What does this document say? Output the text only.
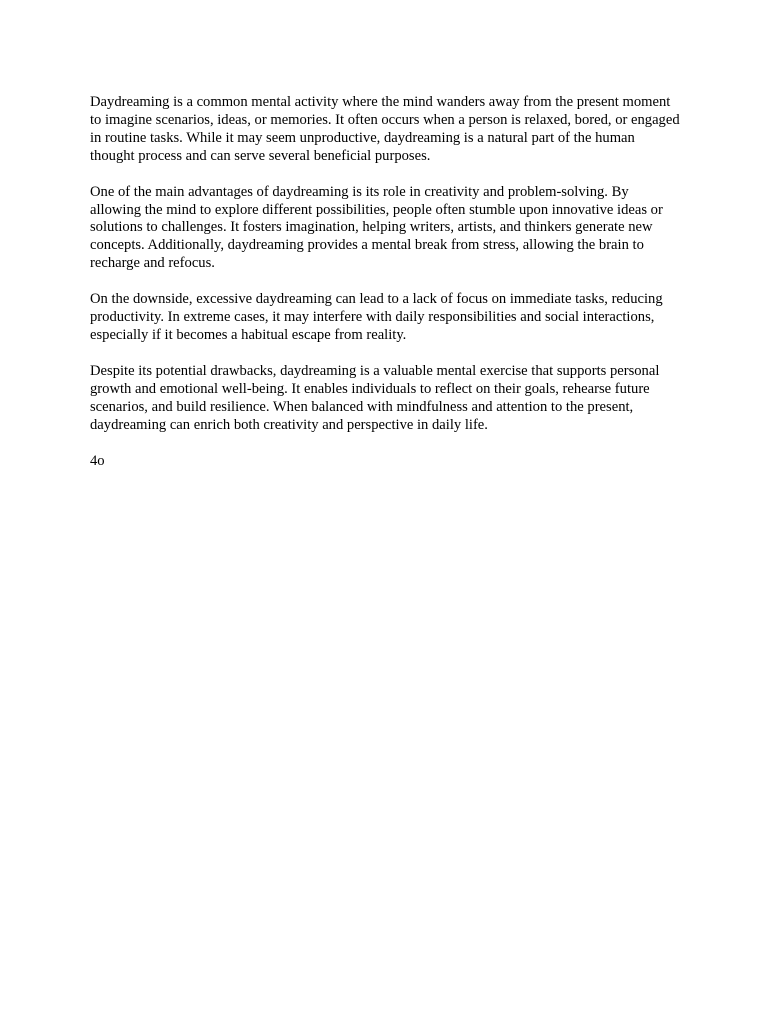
Daydreaming is a common mental activity where the mind wanders away from the present moment to imagine scenarios, ideas, or memories. It often occurs when a person is relaxed, bored, or engaged in routine tasks. While it may seem unproductive, daydreaming is a natural part of the human thought process and can serve several beneficial purposes.

One of the main advantages of daydreaming is its role in creativity and problem-solving. By allowing the mind to explore different possibilities, people often stumble upon innovative ideas or solutions to challenges. It fosters imagination, helping writers, artists, and thinkers generate new concepts. Additionally, daydreaming provides a mental break from stress, allowing the brain to recharge and refocus.

On the downside, excessive daydreaming can lead to a lack of focus on immediate tasks, reducing productivity. In extreme cases, it may interfere with daily responsibilities and social interactions, especially if it becomes a habitual escape from reality.

Despite its potential drawbacks, daydreaming is a valuable mental exercise that supports personal growth and emotional well-being. It enables individuals to reflect on their goals, rehearse future scenarios, and build resilience. When balanced with mindfulness and attention to the present, daydreaming can enrich both creativity and perspective in daily life.

4o
